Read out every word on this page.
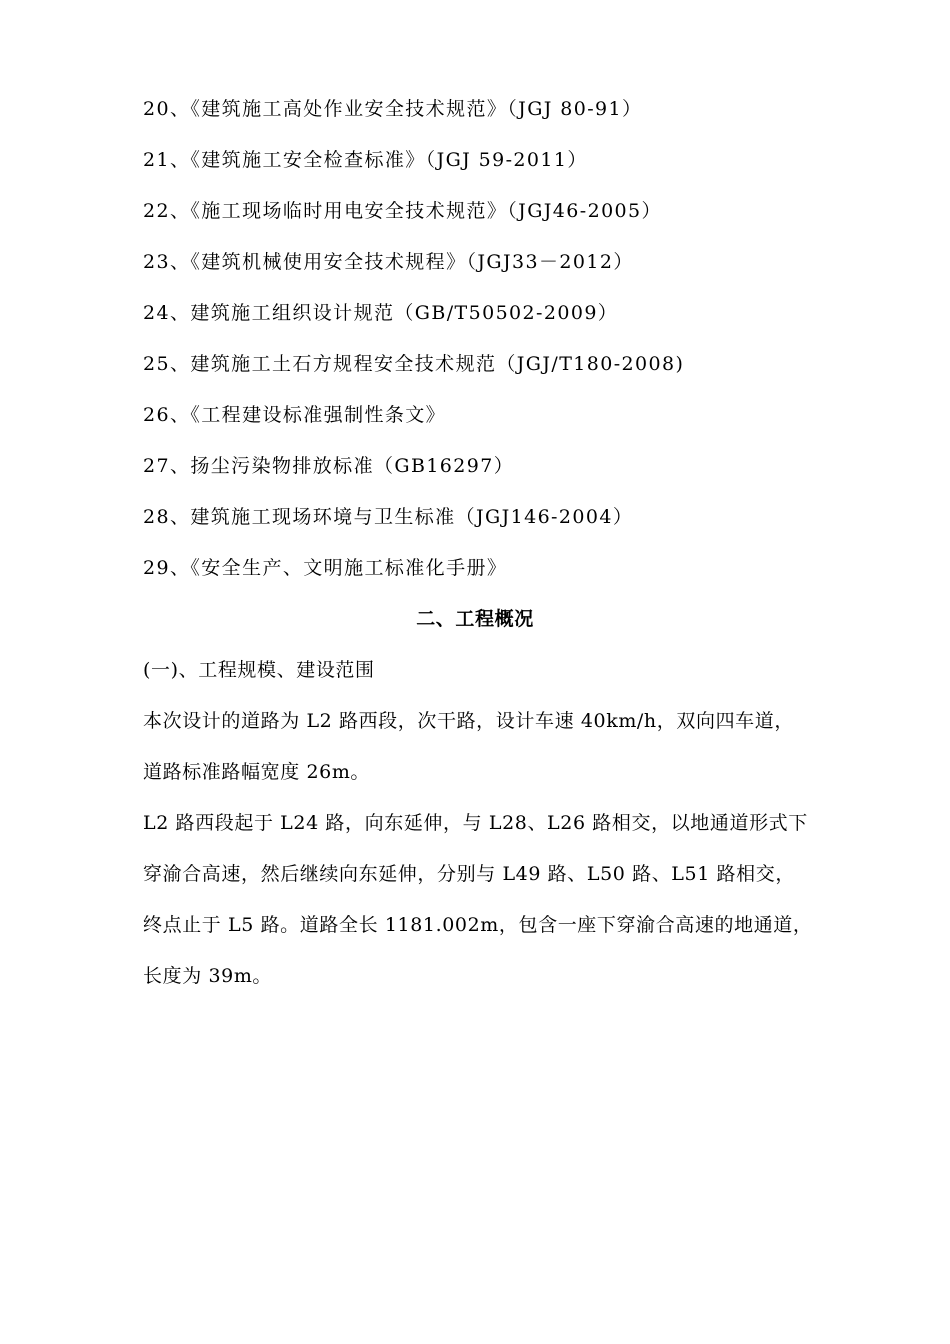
20、《建筑施工高处作业安全技术规范》（JGJ 80-91）
21、《建筑施工安全检查标准》（JGJ 59-2011）
22、《施工现场临时用电安全技术规范》（JGJ46-2005）
23、《建筑机械使用安全技术规程》（JGJ33－2012）
24、建筑施工组织设计规范（GB/T50502-2009）
25、建筑施工土石方规程安全技术规范（JGJ/T180-2008)
26、《工程建设标准强制性条文》
27、扬尘污染物排放标准（GB16297）
28、建筑施工现场环境与卫生标准（JGJ146-2004）
29、《安全生产、文明施工标准化手册》
二、工程概况
(一)、工程规模、建设范围
本次设计的道路为 L2 路西段，次干路，设计车速 40km/h，双向四车道，
道路标准路幅宽度 26m。
L2 路西段起于 L24 路，向东延伸，与 L28、L26 路相交，以地通道形式下
穿渝合高速，然后继续向东延伸，分别与 L49 路、L50 路、L51 路相交，
终点止于 L5 路。道路全长 1181.002m，包含一座下穿渝合高速的地通道，
长度为 39m。
